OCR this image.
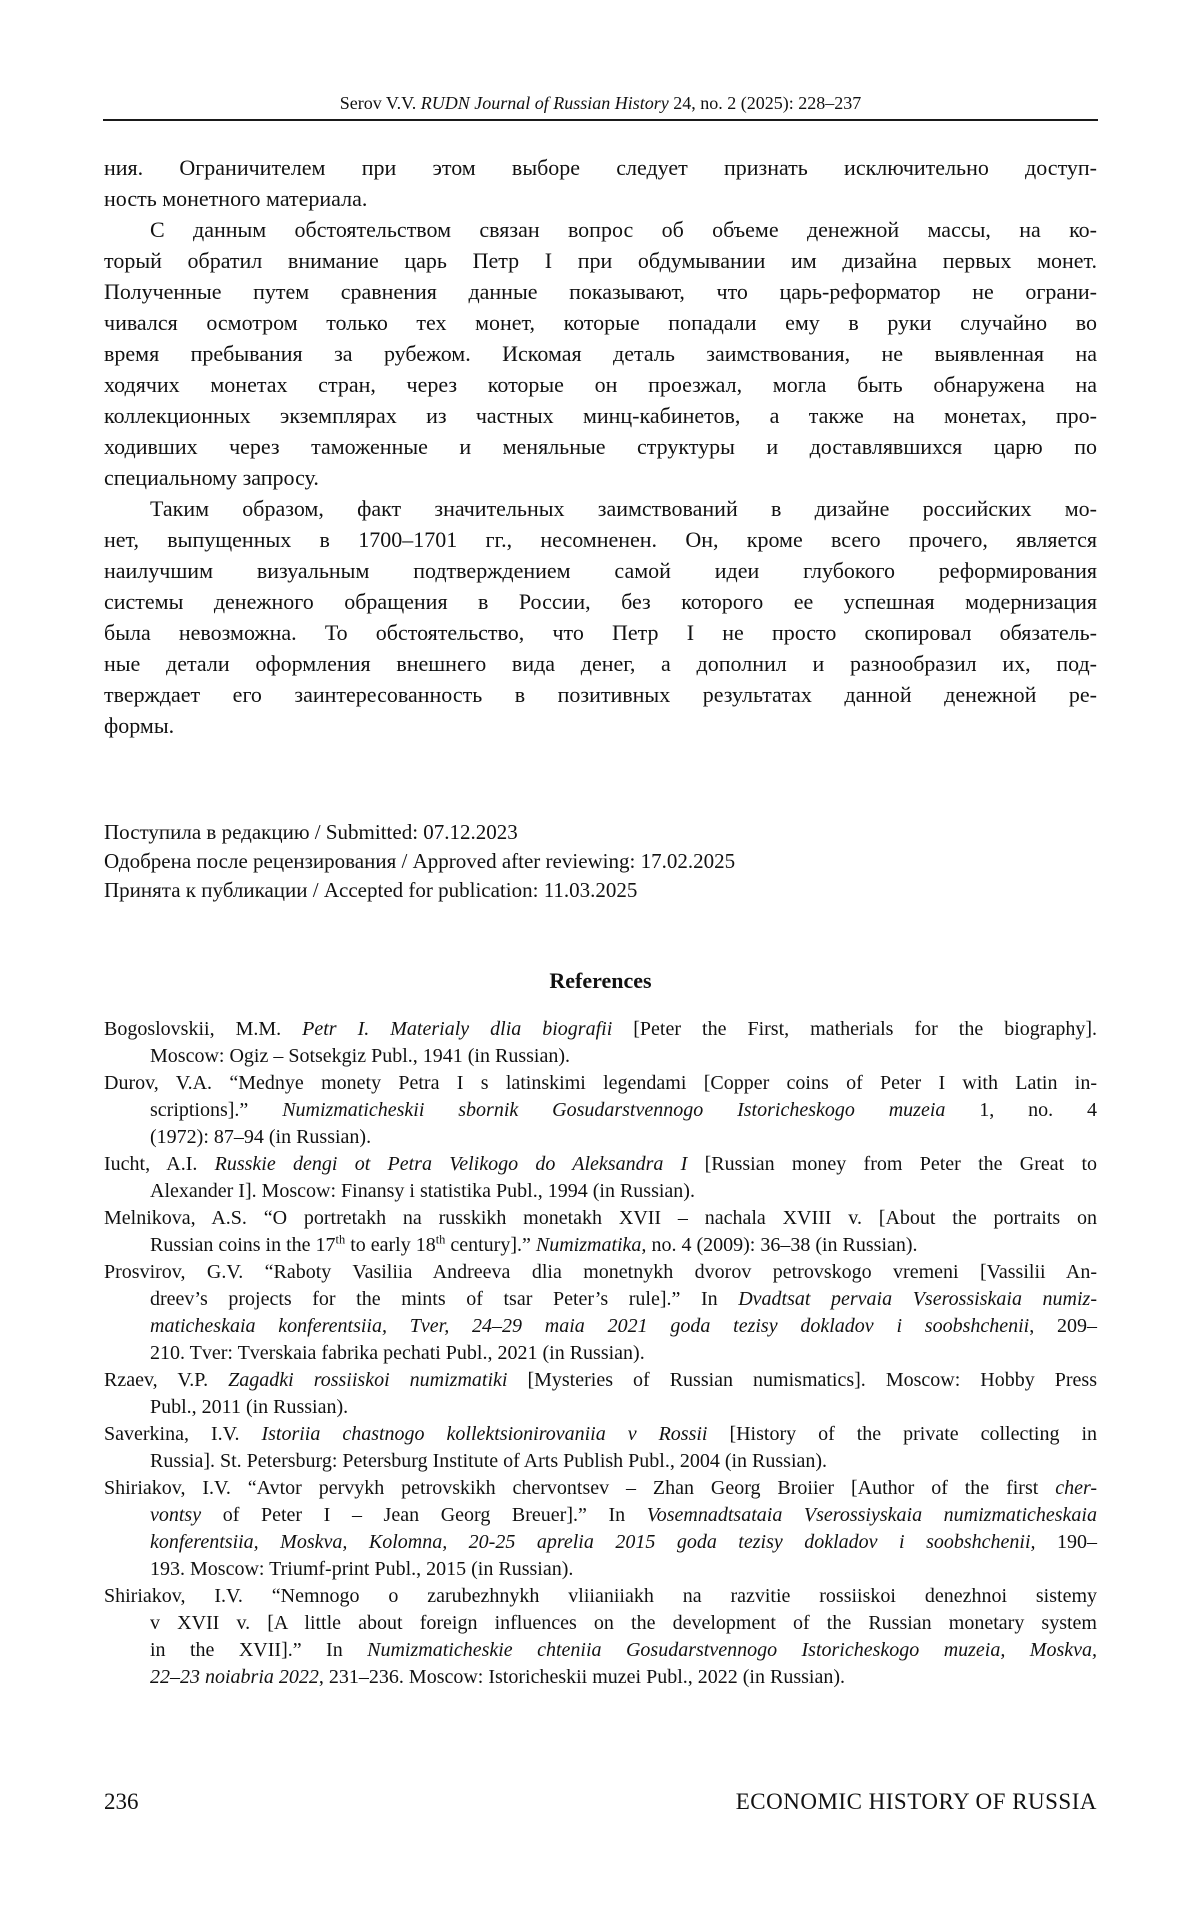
Serov V.V. RUDN Journal of Russian History 24, no. 2 (2025): 228–237
ния. Ограничителем при этом выборе следует признать исключительно доступ-
ность монетного материала.
С данным обстоятельством связан вопрос об объеме денежной массы, на ко-
торый обратил внимание царь Петр I при обдумывании им дизайна первых монет.
Полученные путем сравнения данные показывают, что царь-реформатор не ограни-
чивался осмотром только тех монет, которые попадали ему в руки случайно во
время пребывания за рубежом. Искомая деталь заимствования, не выявленная на
ходячих монетах стран, через которые он проезжал, могла быть обнаружена на
коллекционных экземплярах из частных минц-кабинетов, а также на монетах, про-
ходивших через таможенные и меняльные структуры и доставлявшихся царю по
специальному запросу.
Таким образом, факт значительных заимствований в дизайне российских мо-
нет, выпущенных в 1700–1701 гг., несомненен. Он, кроме всего прочего, является
наилучшим визуальным подтверждением самой идеи глубокого реформирования
системы денежного обращения в России, без которого ее успешная модернизация
была невозможна. То обстоятельство, что Петр I не просто скопировал обязатель-
ные детали оформления внешнего вида денег, а дополнил и разнообразил их, под-
тверждает его заинтересованность в позитивных результатах данной денежной ре-
формы.
Поступила в редакцию / Submitted: 07.12.2023
Одобрена после рецензирования / Approved after reviewing: 17.02.2025
Принята к публикации / Accepted for publication: 11.03.2025
References
Bogoslovskii, M.M. Petr I. Materialy dlia biografii [Peter the First, matherials for the biography].
Moscow: Ogiz – Sotsekgiz Publ., 1941 (in Russian).
Durov, V.A. “Mednye monety Petra I s latinskimi legendami [Copper coins of Peter I with Latin in-
scriptions].” Numizmaticheskii sbornik Gosudarstvennogo Istoricheskogo muzeia 1, no. 4
(1972): 87–94 (in Russian).
Iucht, A.I. Russkie dengi ot Petra Velikogo do Aleksandra I [Russian money from Peter the Great to
Alexander I]. Moscow: Finansy i statistika Publ., 1994 (in Russian).
Melnikova, A.S. “O portretakh na russkikh monetakh XVII – nachala XVIII v. [About the portraits on
Russian coins in the 17th to early 18th century].” Numizmatika, no. 4 (2009): 36–38 (in Russian).
Prosvirov, G.V. “Raboty Vasiliia Andreeva dlia monetnykh dvorov petrovskogo vremeni [Vassilii An-
dreev’s projects for the mints of tsar Peter’s rule].” In Dvadtsat pervaia Vserossiskaia numiz-
maticheskaia konferentsiia, Tver, 24–29 maia 2021 goda tezisy dokladov i soobshchenii, 209–
210. Tver: Tverskaia fabrika pechati Publ., 2021 (in Russian).
Rzaev, V.P. Zagadki rossiiskoi numizmatiki [Mysteries of Russian numismatics]. Moscow: Hobby Press
Publ., 2011 (in Russian).
Saverkina, I.V. Istoriia chastnogo kollektsionirovaniia v Rossii [History of the private collecting in
Russia]. St. Petersburg: Petersburg Institute of Arts Publish Publ., 2004 (in Russian).
Shiriakov, I.V. “Avtor pervykh petrovskikh chervontsev – Zhan Georg Broiier [Author of the first cher-
vontsy of Peter I – Jean Georg Breuer].” In Vosemnadtsataia Vserossiyskaia numizmaticheskaia
konferentsiia, Moskva, Kolomna, 20-25 aprelia 2015 goda tezisy dokladov i soobshchenii, 190–
193. Moscow: Triumf-print Publ., 2015 (in Russian).
Shiriakov, I.V. “Nemnogo o zarubezhnykh vliianiiakh na razvitie rossiiskoi denezhnoi sistemy
v XVII v. [A little about foreign influences on the development of the Russian monetary system
in the XVII].” In Numizmaticheskie chteniia Gosudarstvennogo Istoricheskogo muzeia, Moskva,
22–23 noiabria 2022, 231–236. Moscow: Istoricheskii muzei Publ., 2022 (in Russian).
236	ECONOMIC HISTORY OF RUSSIA
